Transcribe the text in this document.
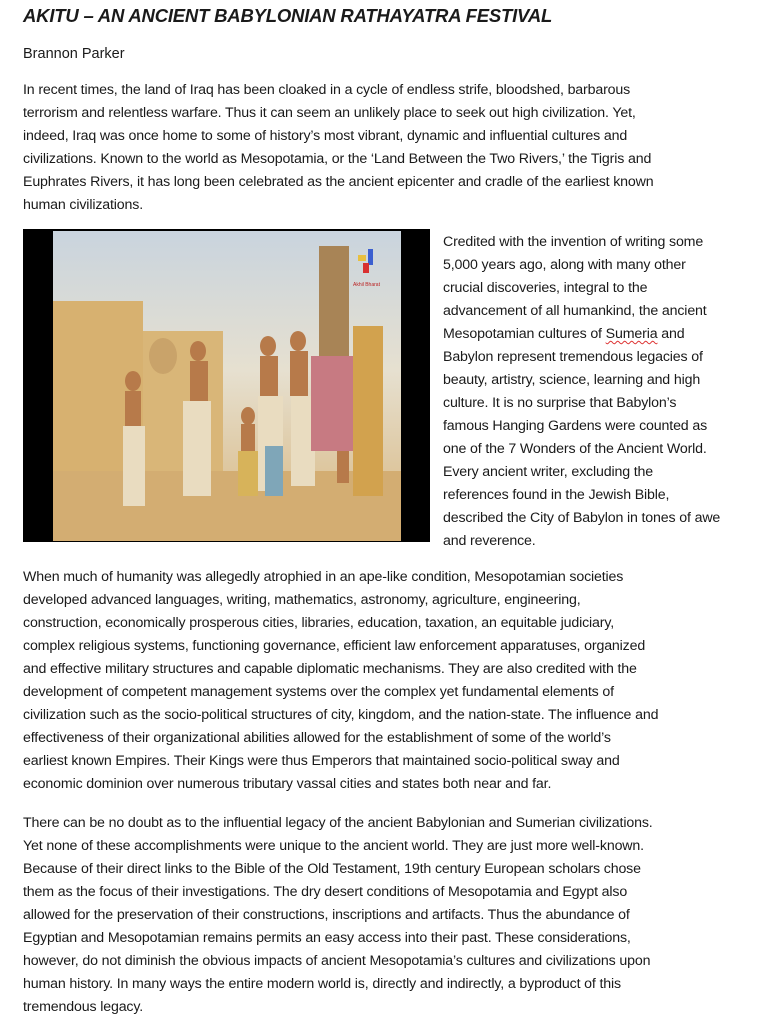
AKITU – AN ANCIENT BABYLONIAN RATHAYATRA FESTIVAL
Brannon Parker
In recent times, the land of Iraq has been cloaked in a cycle of endless strife, bloodshed, barbarous
terrorism and relentless warfare. Thus it can seem an unlikely place to seek out high civilization. Yet,
indeed, Iraq was once home to some of history’s most vibrant, dynamic and influential cultures and
civilizations. Known to the world as Mesopotamia, or the ‘Land Between the Two Rivers,’ the Tigris and
Euphrates Rivers, it has long been celebrated as the ancient epicenter and cradle of the earliest known
human civilizations.
Akhil Bharat
Credited with the invention of writing some
5,000 years ago, along with many other
crucial discoveries, integral to the
advancement of all humankind, the ancient
Mesopotamian cultures of Sumeria and
Babylon represent tremendous legacies of
beauty, artistry, science, learning and high
culture. It is no surprise that Babylon’s
famous Hanging Gardens were counted as
one of the 7 Wonders of the Ancient World.
Every ancient writer, excluding the
references found in the Jewish Bible,
described the City of Babylon in tones of awe
and reverence.
When much of humanity was allegedly atrophied in an ape-like condition, Mesopotamian societies
developed advanced languages, writing, mathematics, astronomy, agriculture, engineering,
construction, economically prosperous cities, libraries, education, taxation, an equitable judiciary,
complex religious systems, functioning governance, efficient law enforcement apparatuses, organized
and effective military structures and capable diplomatic mechanisms. They are also credited with the
development of competent management systems over the complex yet fundamental elements of
civilization such as the socio-political structures of city, kingdom, and the nation-state. The influence and
effectiveness of their organizational abilities allowed for the establishment of some of the world’s
earliest known Empires. Their Kings were thus Emperors that maintained socio-political sway and
economic dominion over numerous tributary vassal cities and states both near and far.
There can be no doubt as to the influential legacy of the ancient Babylonian and Sumerian civilizations.
Yet none of these accomplishments were unique to the ancient world. They are just more well-known.
Because of their direct links to the Bible of the Old Testament, 19th century European scholars chose
them as the focus of their investigations. The dry desert conditions of Mesopotamia and Egypt also
allowed for the preservation of their constructions, inscriptions and artifacts. Thus the abundance of
Egyptian and Mesopotamian remains permits an easy access into their past. These considerations,
however, do not diminish the obvious impacts of ancient Mesopotamia’s cultures and civilizations upon
human history. In many ways the entire modern world is, directly and indirectly, a byproduct of this
tremendous legacy.
